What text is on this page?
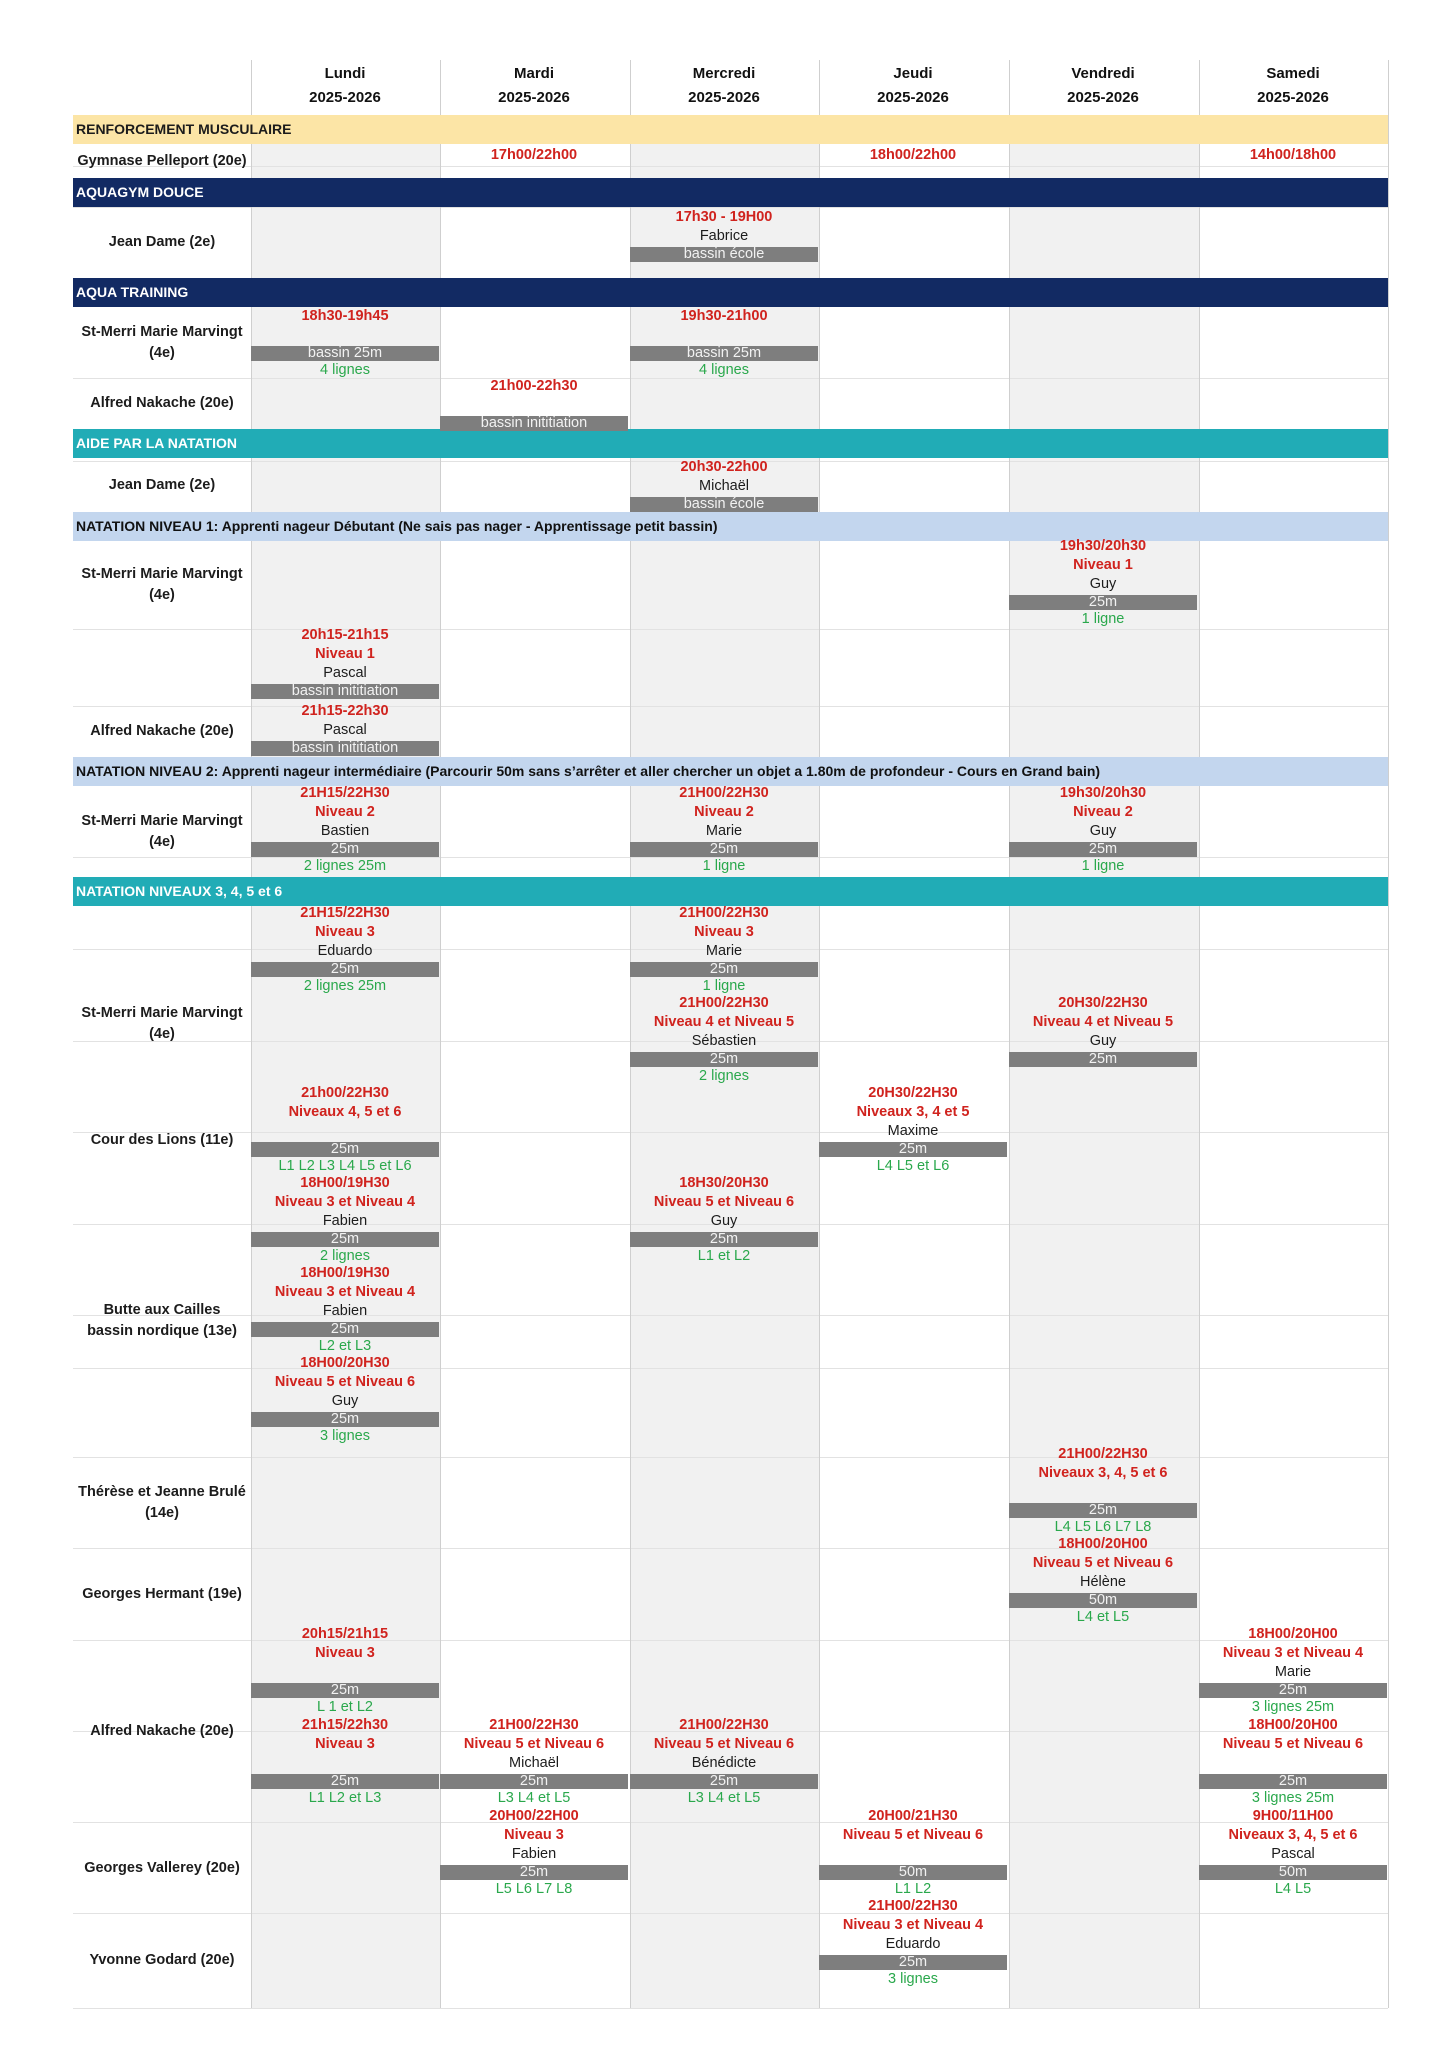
Lundi
2025-2026
Mardi
2025-2026
Mercredi
2025-2026
Jeudi
2025-2026
Vendredi
2025-2026
Samedi
2025-2026
RENFORCEMENT MUSCULAIRE
AQUAGYM DOUCE
AQUA TRAINING
AIDE PAR LA NATATION
NATATION NIVEAU 1: Apprenti nageur Débutant (Ne sais pas nager - Apprentissage petit bassin)
NATATION NIVEAU 2: Apprenti nageur intermédiaire (Parcourir 50m sans s’arrêter et aller chercher un objet a 1.80m de profondeur - Cours en Grand bain)
NATATION NIVEAUX 3, 4, 5 et 6
Gymnase Pelleport (20e)
Jean Dame (2e)
St-Merri Marie Marvingt
(4e)
Alfred Nakache (20e)
Jean Dame (2e)
St-Merri Marie Marvingt
(4e)
Alfred Nakache (20e)
St-Merri Marie Marvingt
(4e)
St-Merri Marie Marvingt
(4e)
Cour des Lions (11e)
Butte aux Cailles
bassin nordique (13e)
Thérèse et Jeanne Brulé
(14e)
Georges Hermant (19e)
Alfred Nakache (20e)
Georges Vallerey (20e)
Yvonne Godard (20e)
17h00/22h00	18h00/22h00	14h00/18h00
17h30 - 19H00
Fabrice
bassin école
18h30-19h45

bassin 25m
4 lignes
19h30-21h00

bassin 25m
4 lignes
21h00-22h30

bassin inititiation
20h30-22h00
Michaël
bassin école
19h30/20h30
Niveau 1
Guy
25m
1 ligne
20h15-21h15
Niveau 1
Pascal
bassin inititiation
21h15-22h30
Pascal
bassin inititiation
21H15/22H30
Niveau 2
Bastien
25m
2 lignes 25m
21H00/22H30
Niveau 2
Marie
25m
1 ligne
19h30/20h30
Niveau 2
Guy
25m
1 ligne
21H15/22H30
Niveau 3
Eduardo
25m
2 lignes 25m
21H00/22H30
Niveau 3
Marie
25m
1 ligne
21H00/22H30
Niveau 4 et Niveau 5
Sébastien
25m
2 lignes
20H30/22H30
Niveau 4 et Niveau 5
Guy
25m
21h00/22H30
Niveaux 4, 5 et 6

25m
L1 L2 L3 L4 L5 et L6
20H30/22H30
Niveaux 3, 4 et 5
Maxime
25m
L4 L5 et L6
18H00/19H30
Niveau 3 et Niveau 4
Fabien
25m
2 lignes
18H30/20H30
Niveau 5 et Niveau 6
Guy
25m
L1 et L2
18H00/19H30
Niveau 3 et Niveau 4
Fabien
25m
L2 et L3
18H00/20H30
Niveau 5 et Niveau 6
Guy
25m
3 lignes
21H00/22H30
Niveaux 3, 4, 5 et 6

25m
L4 L5 L6 L7 L8
18H00/20H00
Niveau 5 et Niveau 6
Hélène
50m
L4 et L5
20h15/21h15
Niveau 3

25m
L 1 et L2
18H00/20H00
Niveau 3 et Niveau 4
Marie
25m
3 lignes 25m
21h15/22h30
Niveau 3

25m
L1 L2 et L3
21H00/22H30
Niveau 5 et Niveau 6
Michaël
25m
L3 L4 et L5
21H00/22H30
Niveau 5 et Niveau 6
Bénédicte
25m
L3 L4 et L5
18H00/20H00
Niveau 5 et Niveau 6

25m
3 lignes 25m
20H00/22H00
Niveau 3
Fabien
25m
L5 L6 L7 L8
20H00/21H30
Niveau 5 et Niveau 6

50m
L1 L2
9H00/11H00
Niveaux 3, 4, 5 et 6
Pascal
50m
L4 L5
21H00/22H30
Niveau 3 et Niveau 4
Eduardo
25m
3 lignes
